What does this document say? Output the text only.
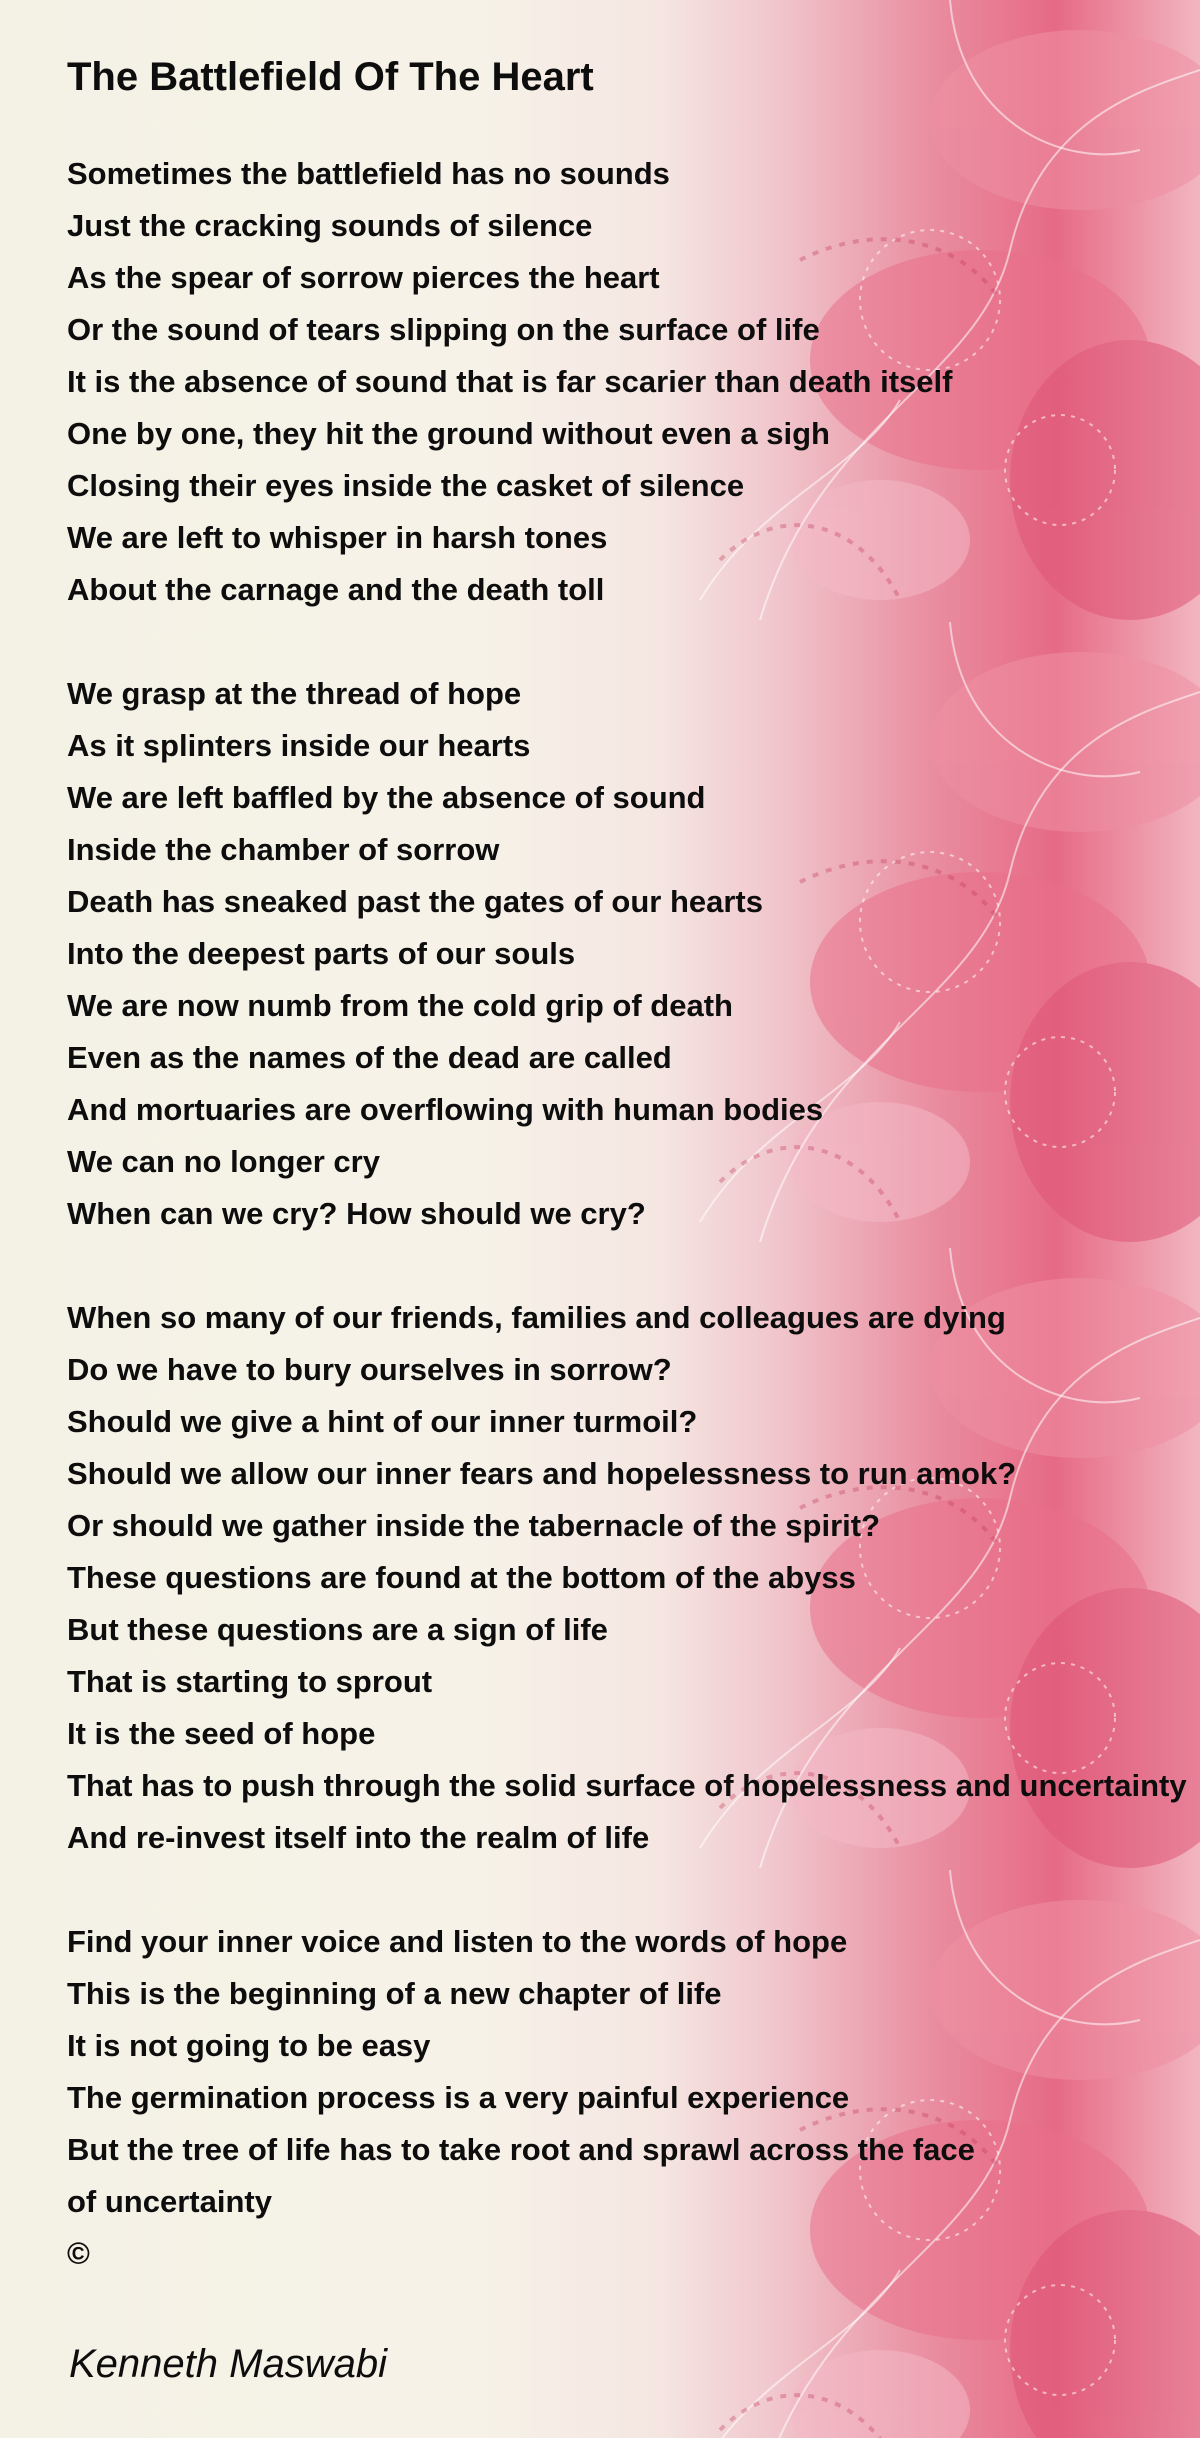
The Battlefield Of The Heart
Sometimes the battlefield has no sounds
Just the cracking sounds of silence
As the spear of sorrow pierces the heart
Or the sound of tears slipping on the surface of life
It is the absence of sound that is far scarier than death itself
One by one, they hit the ground without even a sigh
Closing their eyes inside the casket of silence
We are left to whisper in harsh tones
About the carnage and the death toll
We grasp at the thread of hope
As it splinters inside our hearts
We are left baffled by the absence of sound
Inside the chamber of sorrow
Death has sneaked past the gates of our hearts
Into the deepest parts of our souls
We are now numb from the cold grip of death
Even as the names of the dead are called
And mortuaries are overflowing with human bodies
We can no longer cry
When can we cry? How should we cry?
When so many of our friends, families and colleagues are dying
Do we have to bury ourselves in sorrow?
Should we give a hint of our inner turmoil?
Should we allow our inner fears and hopelessness to run amok?
Or should we gather inside the tabernacle of the spirit?
These questions are found at the bottom of the abyss
But these questions are a sign of life
That is starting to sprout
It is the seed of hope
That has to push through the solid surface of hopelessness and uncertainty
And re-invest itself into the realm of life
Find your inner voice and listen to the words of hope
This is the beginning of a new chapter of life
It is not going to be easy
The germination process is a very painful experience
But the tree of life has to take root and sprawl across the face
of uncertainty
©
Kenneth Maswabi
